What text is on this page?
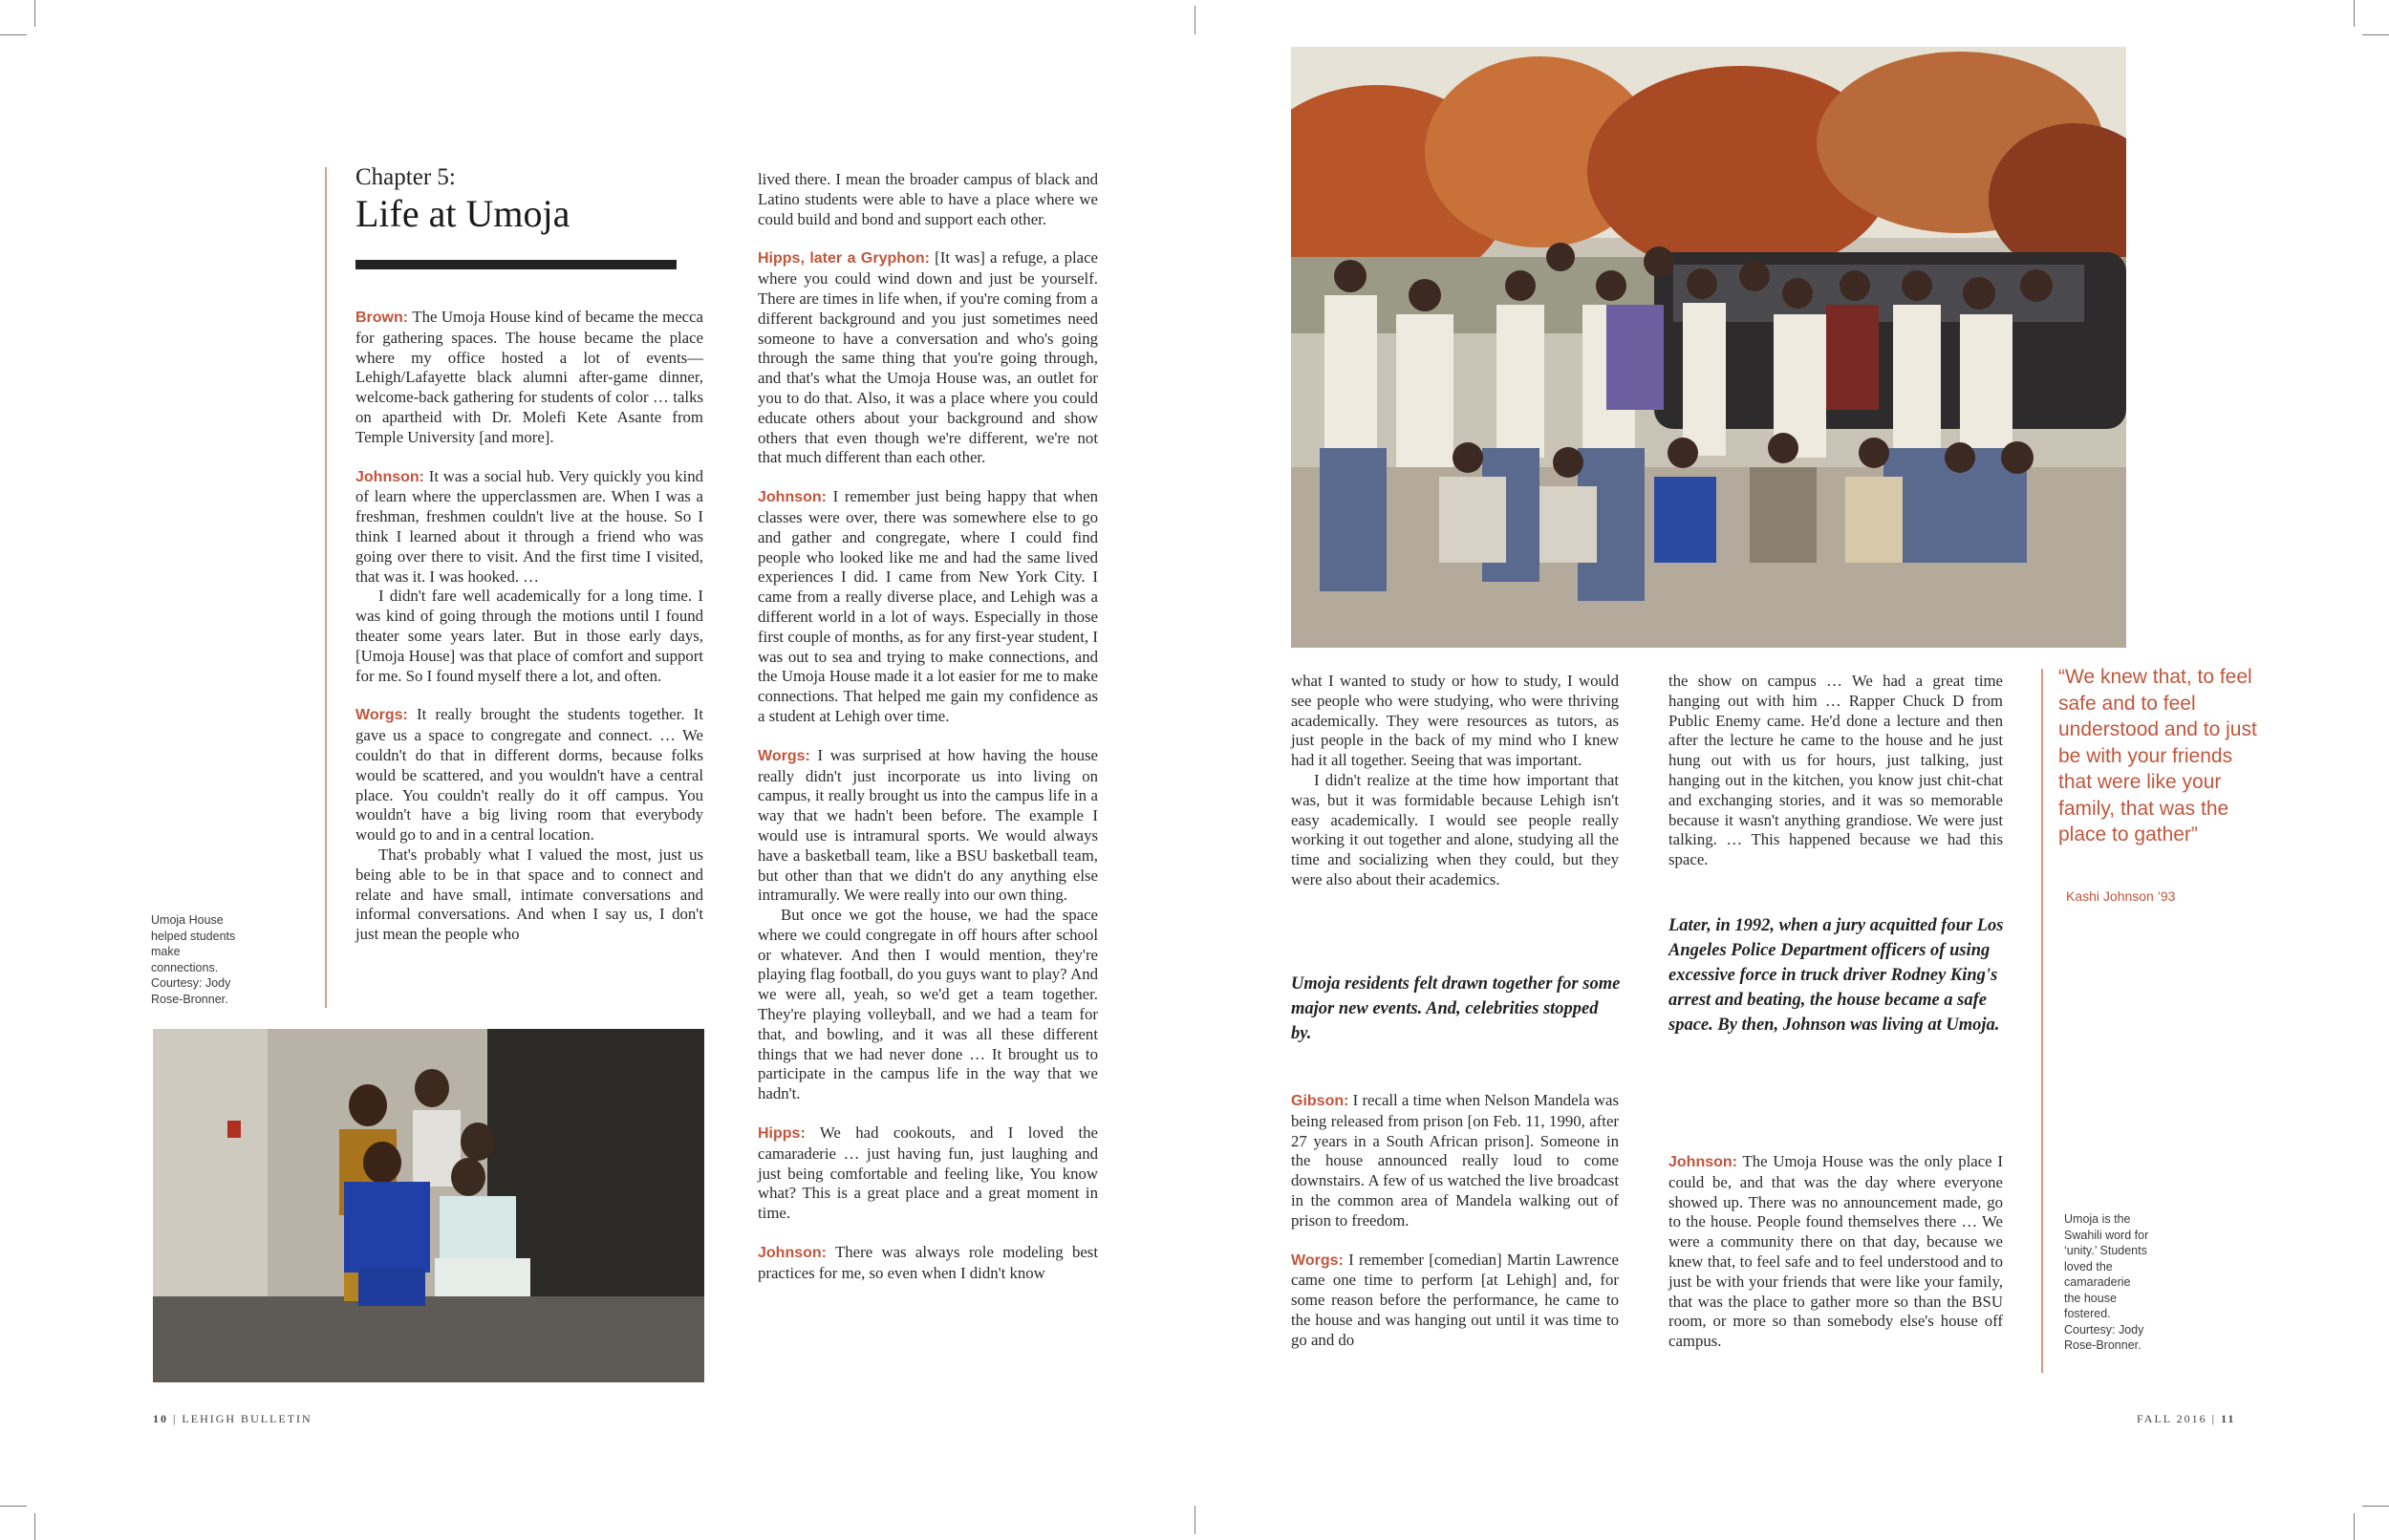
Chapter 5:
Life at Umoja

Brown: The Umoja House kind of became the mecca for gathering spaces. The house became the place where my office hosted a lot of events—Lehigh/Lafayette black alumni after-game dinner, welcome-back gathering for students of color … talks on apartheid with Dr. Molefi Kete Asante from Temple University [and more].

Johnson: It was a social hub. Very quickly you kind of learn where the upperclassmen are. When I was a freshman, freshmen couldn't live at the house. So I think I learned about it through a friend who was going over there to visit. And the first time I visited, that was it. I was hooked. …

I didn't fare well academically for a long time. I was kind of going through the motions until I found theater some years later. But in those early days, [Umoja House] was that place of comfort and support for me. So I found myself there a lot, and often.

Worgs: It really brought the students together. It gave us a space to congregate and connect. … We couldn't do that in different dorms, because folks would be scattered, and you wouldn't have a central place. You couldn't really do it off campus. You wouldn't have a big living room that everybody would go to and in a central location.

That's probably what I valued the most, just us being able to be in that space and to connect and relate and have small, intimate conversations and informal conversations. And when I say us, I don't just mean the people who

Umoja House helped students make connections. Courtesy: Jody Rose-Bronner.

lived there. I mean the broader campus of black and Latino students were able to have a place where we could build and bond and support each other.

Hipps, later a Gryphon: [It was] a refuge, a place where you could wind down and just be yourself. There are times in life when, if you're coming from a different background and you just sometimes need someone to have a conversation and who's going through the same thing that you're going through, and that's what the Umoja House was, an outlet for you to do that. Also, it was a place where you could educate others about your background and show others that even though we're different, we're not that much different than each other.

Johnson: I remember just being happy that when classes were over, there was somewhere else to go and gather and congregate, where I could find people who looked like me and had the same lived experiences I did. I came from New York City. I came from a really diverse place, and Lehigh was a different world in a lot of ways. Especially in those first couple of months, as for any first-year student, I was out to sea and trying to make connections, and the Umoja House made it a lot easier for me to make connections. That helped me gain my confidence as a student at Lehigh over time.

Worgs: I was surprised at how having the house really didn't just incorporate us into living on campus, it really brought us into the campus life in a way that we hadn't been before. The example I would use is intramural sports. We would always have a basketball team, like a BSU basketball team, but other than that we didn't do any anything else intramurally. We were really into our own thing.

But once we got the house, we had the space where we could congregate in off hours after school or whatever. And then I would mention, they're playing flag football, do you guys want to play? And we were all, yeah, so we'd get a team together. They're playing volleyball, and we had a team for that, and bowling, and it was all these different things that we had never done … It brought us to participate in the campus life in the way that we hadn't.

Hipps: We had cookouts, and I loved the camaraderie … just having fun, just laughing and just being comfortable and feeling like, You know what? This is a great place and a great moment in time.

Johnson: There was always role modeling best practices for me, so even when I didn't know

what I wanted to study or how to study, I would see people who were studying, who were thriving academically. They were resources as tutors, as just people in the back of my mind who I knew had it all together. Seeing that was important.

I didn't realize at the time how important that was, but it was formidable because Lehigh isn't easy academically. I would see people really working it out together and alone, studying all the time and socializing when they could, but they were also about their academics.

Umoja residents felt drawn together for some major new events. And, celebrities stopped by.

Gibson: I recall a time when Nelson Mandela was being released from prison [on Feb. 11, 1990, after 27 years in a South African prison]. Someone in the house announced really loud to come downstairs. A few of us watched the live broadcast in the common area of Mandela walking out of prison to freedom.

Worgs: I remember [comedian] Martin Lawrence came one time to perform [at Lehigh] and, for some reason before the performance, he came to the house and was hanging out until it was time to go and do

the show on campus … We had a great time hanging out with him … Rapper Chuck D from Public Enemy came. He'd done a lecture and then after the lecture he came to the house and he just hung out with us for hours, just talking, just hanging out in the kitchen, you know just chit-chat and exchanging stories, and it was so memorable because it wasn't anything grandiose. We were just talking. … This happened because we had this space.

Later, in 1992, when a jury acquitted four Los Angeles Police Department officers of using excessive force in truck driver Rodney King's arrest and beating, the house became a safe space. By then, Johnson was living at Umoja.

Johnson: The Umoja House was the only place I could be, and that was the day where everyone showed up. There was no announcement made, go to the house. People found themselves there … We were a community there on that day, because we knew that, to feel safe and to feel understood and to just be with your friends that were like your family, that was the place to gather more so than the BSU room, or more so than somebody else's house off campus.

“We knew that, to feel safe and to feel understood and to just be with your friends that were like your family, that was the place to gather”
Kashi Johnson ’93
Umoja is the Swahili word for ‘unity.’ Students loved the camaraderie the house fostered. Courtesy: Jody Rose-Bronner.
10 | LEHIGH BULLETIN	FALL 2016 | 11
